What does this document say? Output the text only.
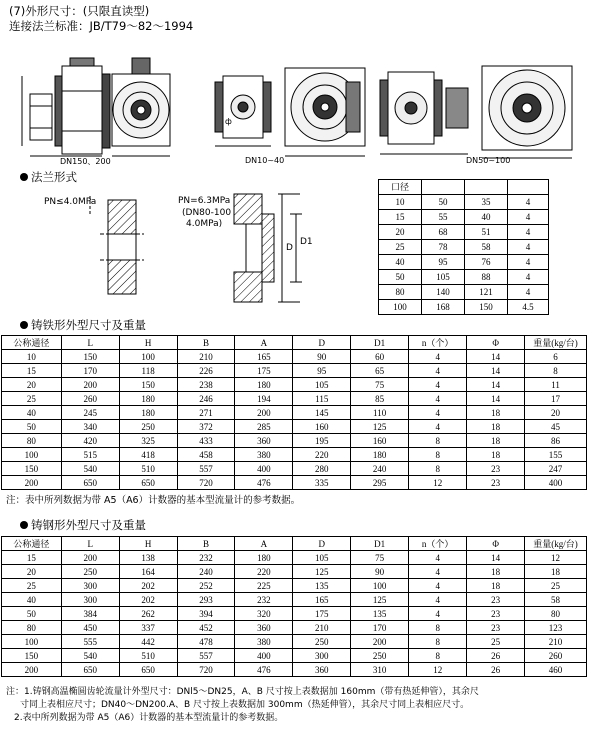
(7)外形尺寸：(只限直读型)
连接法兰标准：JB/T79～82～1994
ф
DN150、200	DN10~40	DN50~100
法兰形式
PN≤4.0MPa	PN=6.3MPa
(DN80-100
4.0MPa)
D
D1
口径			
10	50	35	4
15	55	40	4
20	68	51	4
25	78	58	4
40	95	76	4
50	105	88	4
80	140	121	4
100	168	150	4.5
铸铁形外型尺寸及重量
公称通径	L	H	B	A	D	D1	n（个）	Φ	重量(kg/台)
10	150	100	210	165	90	60	4	14	6
15	170	118	226	175	95	65	4	14	8
20	200	150	238	180	105	75	4	14	11
25	260	180	246	194	115	85	4	14	17
40	245	180	271	200	145	110	4	18	20
50	340	250	372	285	160	125	4	18	45
80	420	325	433	360	195	160	8	18	86
100	515	418	458	380	220	180	8	18	155
150	540	510	557	400	280	240	8	23	247
200	650	650	720	476	335	295	12	23	400
注：表中所列数据为带 A5（A6）计数器的基本型流量计的参考数据。
铸钢形外型尺寸及重量
公称通径	L	H	B	A	D	D1	n（个）	Φ	重量(kg/台)
15	200	138	232	180	105	75	4	14	12
20	250	164	240	220	125	90	4	18	18
25	300	202	252	225	135	100	4	18	25
40	300	202	293	232	165	125	4	23	58
50	384	262	394	320	175	135	4	23	80
80	450	337	452	360	210	170	8	23	123
100	555	442	478	380	250	200	8	25	210
150	540	510	557	400	300	250	8	26	260
200	650	650	720	476	360	310	12	26	460
注：1.铸钢高温椭圆齿轮流量计外型尺寸：DNl5～DN25，A、B 尺寸按上表数据加 160mm（带有热延伸管），其余尺
寸同上表相应尺寸；DN40～DN200.A、B 尺寸按上表数据加 300mm（热延伸管），其余尺寸同上表相应尺寸。
2.表中所列数据为带 A5（A6）计数器的基本型流量计的参考数据。
